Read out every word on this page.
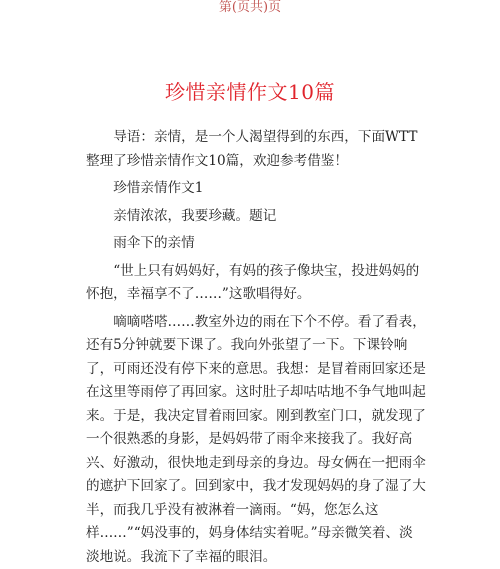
第(页共)页
珍惜亲情作文10篇

导语：亲情，是一个人渴望得到的东西，下面WTT整理了珍惜亲情作文10篇，欢迎参考借鉴！

珍惜亲情作文1

亲情浓浓，我要珍藏。题记

雨伞下的亲情

“世上只有妈妈好，有妈的孩子像块宝，投进妈妈的怀抱，幸福享不了……”这歌唱得好。

嘀嘀嗒嗒……教室外边的雨在下个不停。看了看表，还有5分钟就要下课了。我向外张望了一下。下课铃响了，可雨还没有停下来的意思。我想：是冒着雨回家还是在这里等雨停了再回家。这时肚子却咕咕地不争气地叫起来。于是，我决定冒着雨回家。刚到教室门口，就发现了一个很熟悉的身影，是妈妈带了雨伞来接我了。我好高兴、好激动，很快地走到母亲的身边。母女俩在一把雨伞的遮护下回家了。回到家中，我才发现妈妈的身了湿了大半，而我几乎没有被淋着一滴雨。“妈，您怎么这样……”“妈没事的，妈身体结实着呢。”母亲微笑着、淡淡地说。我流下了幸福的眼泪。
